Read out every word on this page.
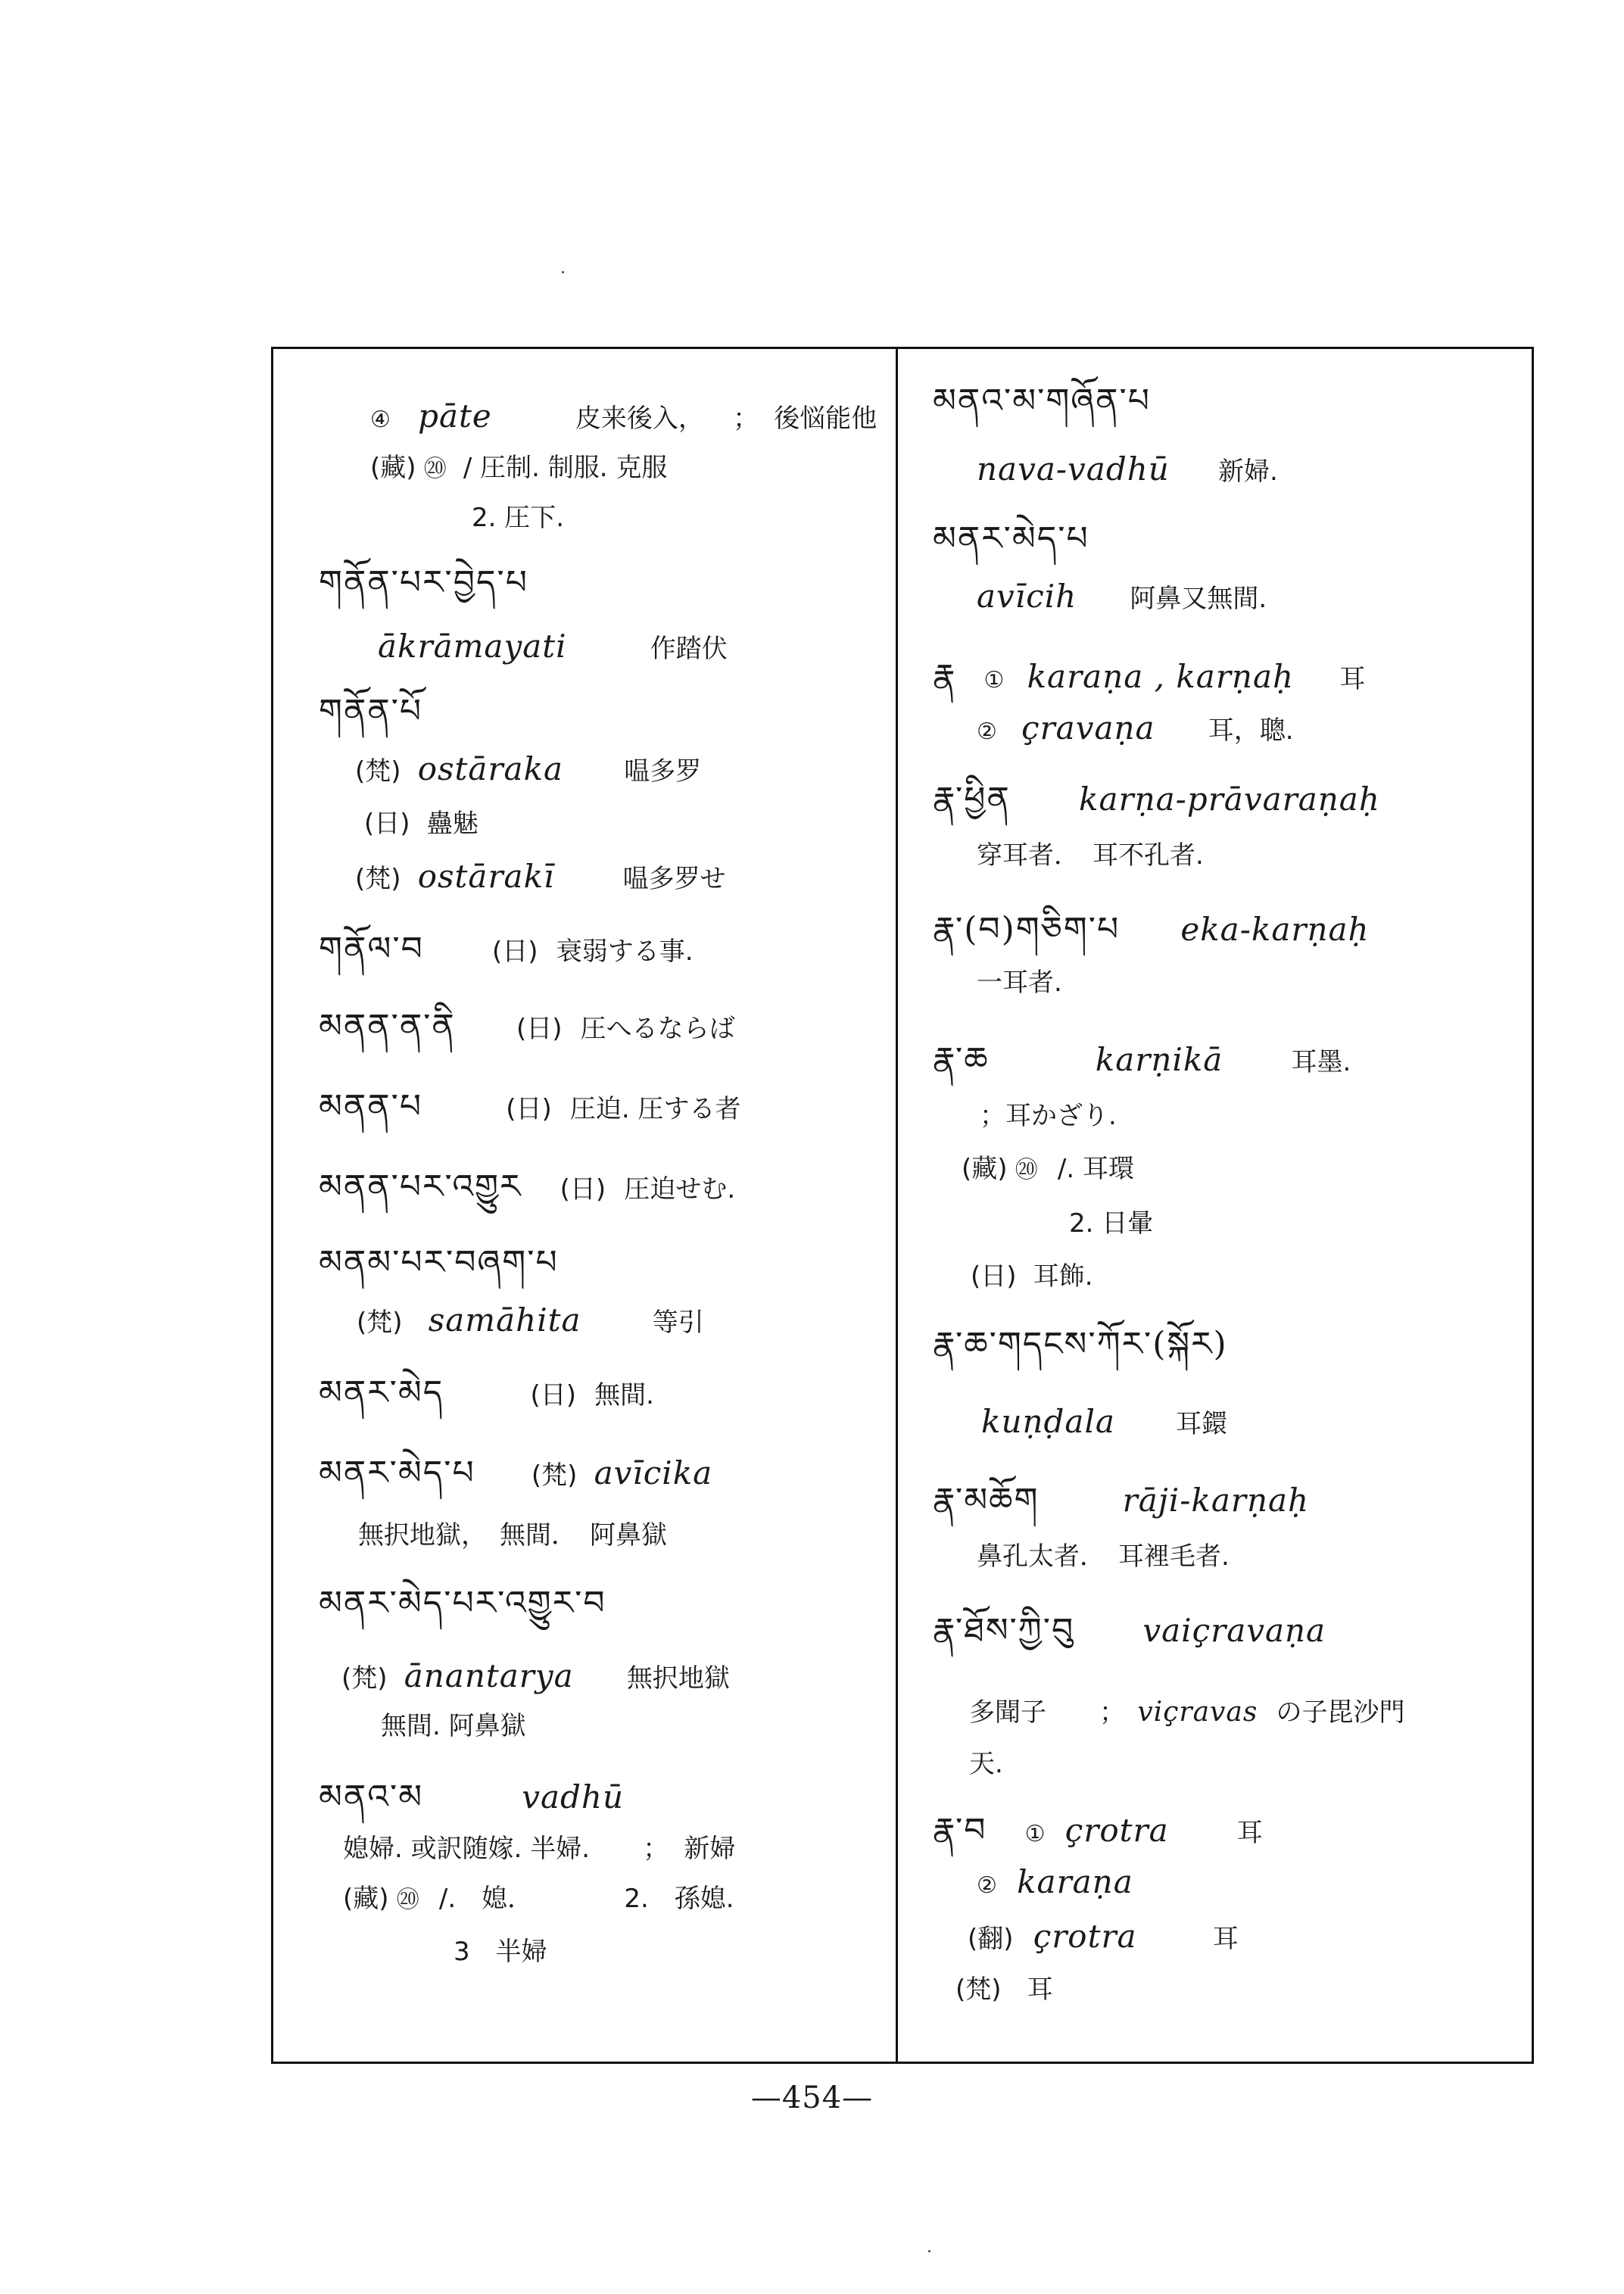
④ pāte	皮来後入， ； 後悩能他
(藏) ⑳ / 圧制. 制服. 克服
2. 圧下.
གནོན་པར་བྱེད་པ
ākrāmayati	作踏伏
གནོན་པོ
(梵) ostāraka 嗢多罗
(日) 蠱魅
(梵) ostārakī	嗢多罗せ
གནོལ་བ	(日) 衰弱する事.
མནན་ན་ནི (日) 圧へるならば
མནན་པ	(日) 圧迫. 圧する者
མནན་པར་འགྱུར (日) 圧迫せむ.
མནམ་པར་བཞག་པ
(梵) samāhita	等引
མནར་མེད	(日) 無間.
མནར་མེད་པ (梵) avīcika
無択地獄，　無間．　阿鼻獄
མནར་མེད་པར་འགྱུར་བ
(梵) ānantarya 無択地獄
無間. 阿鼻獄
མནའ་མ	vadhū
媳婦. 或訳随嫁. 半婦. ； 新婦
(藏) ⑳ /.　媳．	2.　孫媳.
3　半婦
མནའ་མ་གཞོན་པ
nava-vadhū 新婦.
མནར་མེད་པ
avīcih 阿鼻又無間.
རྣ ① karaṇa , karṇaḥ 耳
② çravaṇa 耳，聰.
རྣ་ཕྱིན karṇa-prāvaraṇaḥ
穿耳者．　耳不孔者.
རྣ་(བ)གཅིག་པ eka-karṇaḥ
一耳者.
རྣ་ཆ	karṇikā	耳墨.
；耳かざり.
(藏) ⑳ /. 耳環
2. 日暈
(日) 耳飾.
རྣ་ཆ་གདངས་ཀོར་(སྐོར)
kuṇḍala 耳鐶
རྣ་མཆོག	rāji-karṇaḥ
鼻孔太者．　耳裡毛者.
རྣ་ཐོས་ཀྱི་བུ vaiçravaṇa
多聞子 ； viçravas の子毘沙門
天.
རྣ་བ ① çrotra	耳
② karaṇa
(翻) çrotra	耳
(梵) 耳
—454—
